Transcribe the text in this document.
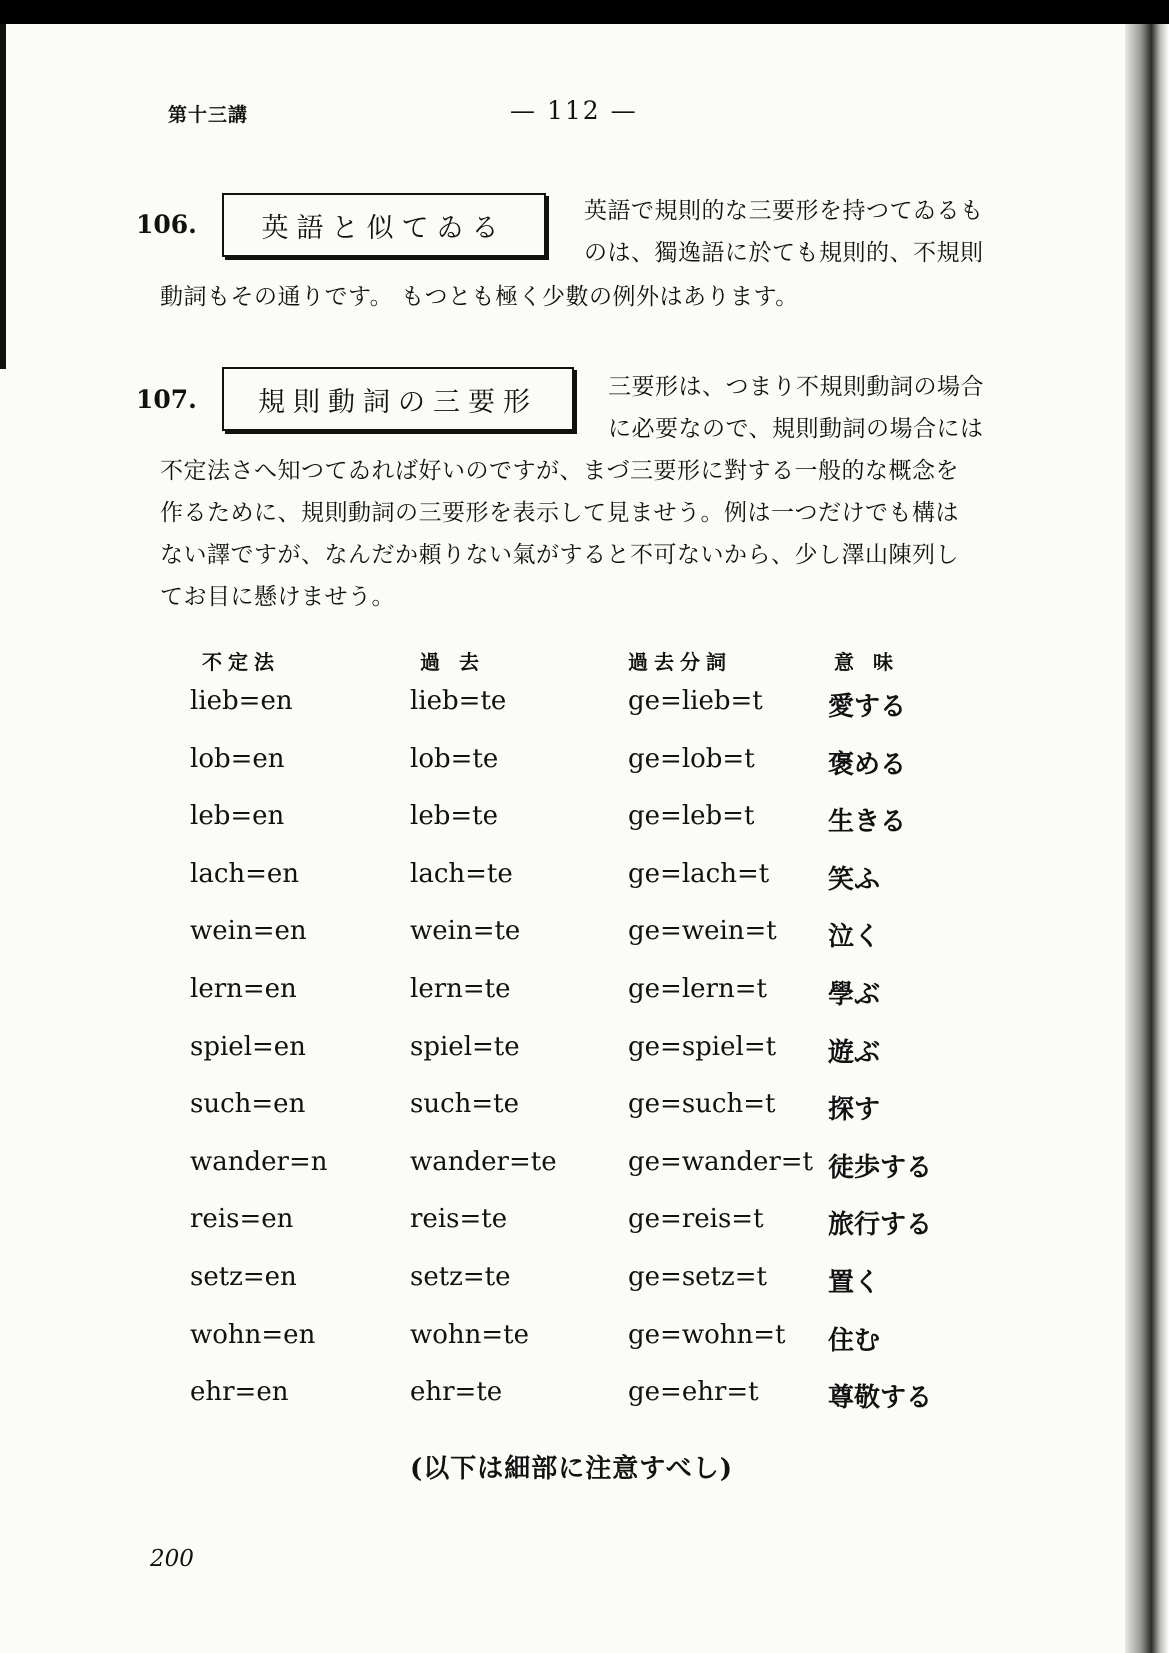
第十三講	— 112 —
106.	英語と似てゐる
英語で規則的な三要形を持つてゐるも
のは、獨逸語に於ても規則的、不規則
動詞もその通りです。 もつとも極く少數の例外はあります。
107.	規則動詞の三要形	三要形は、つまり不規則動詞の場合
に必要なので、規則動詞の場合には
不定法さへ知つてゐれば好いのですが、まづ三要形に對する一般的な概念を
作るために、規則動詞の三要形を表示して見ませう。例は一つだけでも構は
ない譯ですが、なんだか頼りない氣がすると不可ないから、少し澤山陳列し
てお目に懸けませう。
不定法	過 去	過去分詞	意 味
lieb=en	lieb=te	ge=lieb=t	愛する
lob=en	lob=te	ge=lob=t	褒める
leb=en	leb=te	ge=leb=t	生きる
lach=en	lach=te	ge=lach=t 笑ふ
wein=en	wein=te	ge=wein=t 泣く
lern=en	lern=te	ge=lern=t 學ぶ
spiel=en	spiel=te	ge=spiel=t 遊ぶ
such=en	such=te	ge=such=t 探す
wander=n	wander=te	ge=wander=t 徒歩する
reis=en	reis=te	ge=reis=t 旅行する
setz=en	setz=te	ge=setz=t 置く
wohn=en	wohn=te	ge=wohn=t 住む
ehr=en	ehr=te	ge=ehr=t	尊敬する
(以下は細部に注意すべし)
200
